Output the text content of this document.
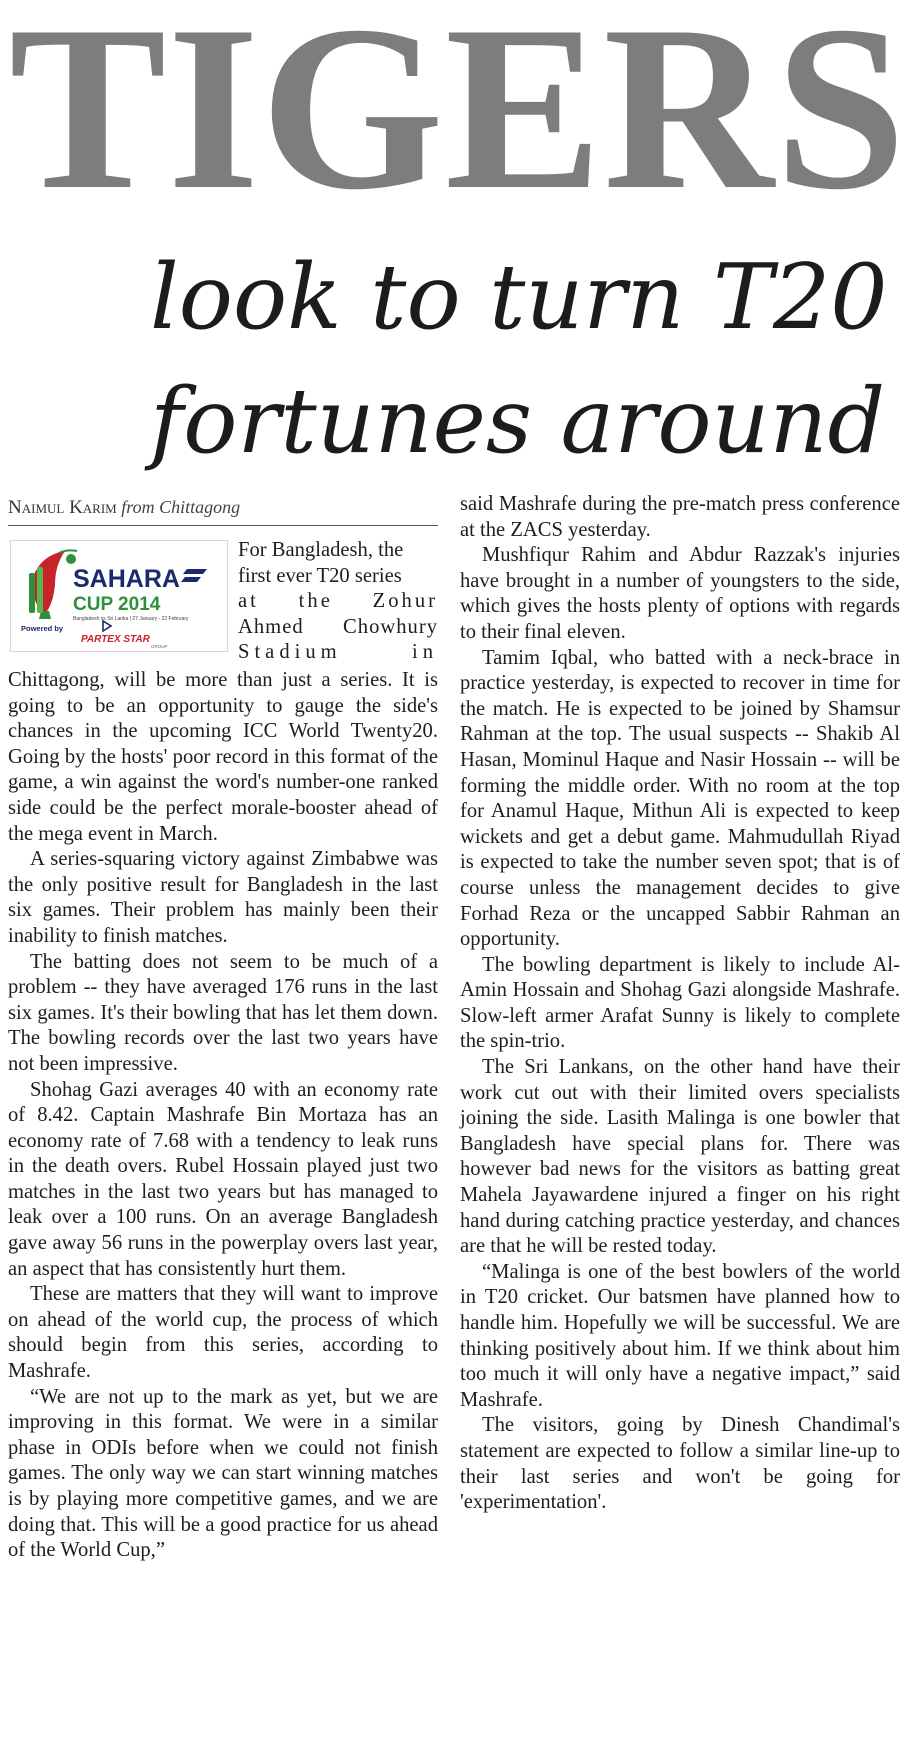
TIGERS
look to turn T20
fortunes around
Naimul Karim from Chittagong
SAHARA
CUP 2014
Bangladesh vs Sri Lanka | 27 January - 22 February
Powered by
PARTEX STAR
GROUP
For Bangladesh, the
first ever T20 series
at the Zohur
Ahmed Chowhury
Stadium in

Chittagong, will be more than just a series. It is going to be an opportunity to gauge the side's chances in the upcoming ICC World Twenty20. Going by the hosts' poor record in this format of the game, a win against the word's number-one ranked side could be the perfect morale-booster ahead of the mega event in March.

A series-squaring victory against Zimbabwe was the only positive result for Bangladesh in the last six games. Their problem has mainly been their inability to finish matches.

The batting does not seem to be much of a problem -- they have averaged 176 runs in the last six games. It's their bowling that has let them down. The bowling records over the last two years have not been impressive.

Shohag Gazi averages 40 with an economy rate of 8.42. Captain Mashrafe Bin Mortaza has an economy rate of 7.68 with a tendency to leak runs in the death overs. Rubel Hossain played just two matches in the last two years but has managed to leak over a 100 runs. On an average Bangladesh gave away 56 runs in the powerplay overs last year, an aspect that has consistently hurt them.

These are matters that they will want to improve on ahead of the world cup, the process of which should begin from this series, according to Mashrafe.

“We are not up to the mark as yet, but we are improving in this format. We were in a similar phase in ODIs before when we could not finish games. The only way we can start winning matches is by playing more competitive games, and we are doing that. This will be a good practice for us ahead of the World Cup,”

said Mashrafe during the pre-match press conference at the ZACS yesterday.

Mushfiqur Rahim and Abdur Razzak's injuries have brought in a number of youngsters to the side, which gives the hosts plenty of options with regards to their final eleven.

Tamim Iqbal, who batted with a neck-brace in practice yesterday, is expected to recover in time for the match. He is expected to be joined by Shamsur Rahman at the top. The usual suspects -- Shakib Al Hasan, Mominul Haque and Nasir Hossain -- will be forming the middle order. With no room at the top for Anamul Haque, Mithun Ali is expected to keep wickets and get a debut game. Mahmudullah Riyad is expected to take the number seven spot; that is of course unless the management decides to give Forhad Reza or the uncapped Sabbir Rahman an opportunity.

The bowling department is likely to include Al-Amin Hossain and Shohag Gazi alongside Mashrafe. Slow-left armer Arafat Sunny is likely to complete the spin-trio.

The Sri Lankans, on the other hand have their work cut out with their limited overs specialists joining the side. Lasith Malinga is one bowler that Bangladesh have special plans for. There was however bad news for the visitors as batting great Mahela Jayawardene injured a finger on his right hand during catching practice yesterday, and chances are that he will be rested today.

“Malinga is one of the best bowlers of the world in T20 cricket. Our batsmen have planned how to handle him. Hopefully we will be successful. We are thinking positively about him. If we think about him too much it will only have a negative impact,” said Mashrafe.

The visitors, going by Dinesh Chandimal's statement are expected to follow a similar line-up to their last series and won't be going for 'experimentation'.
